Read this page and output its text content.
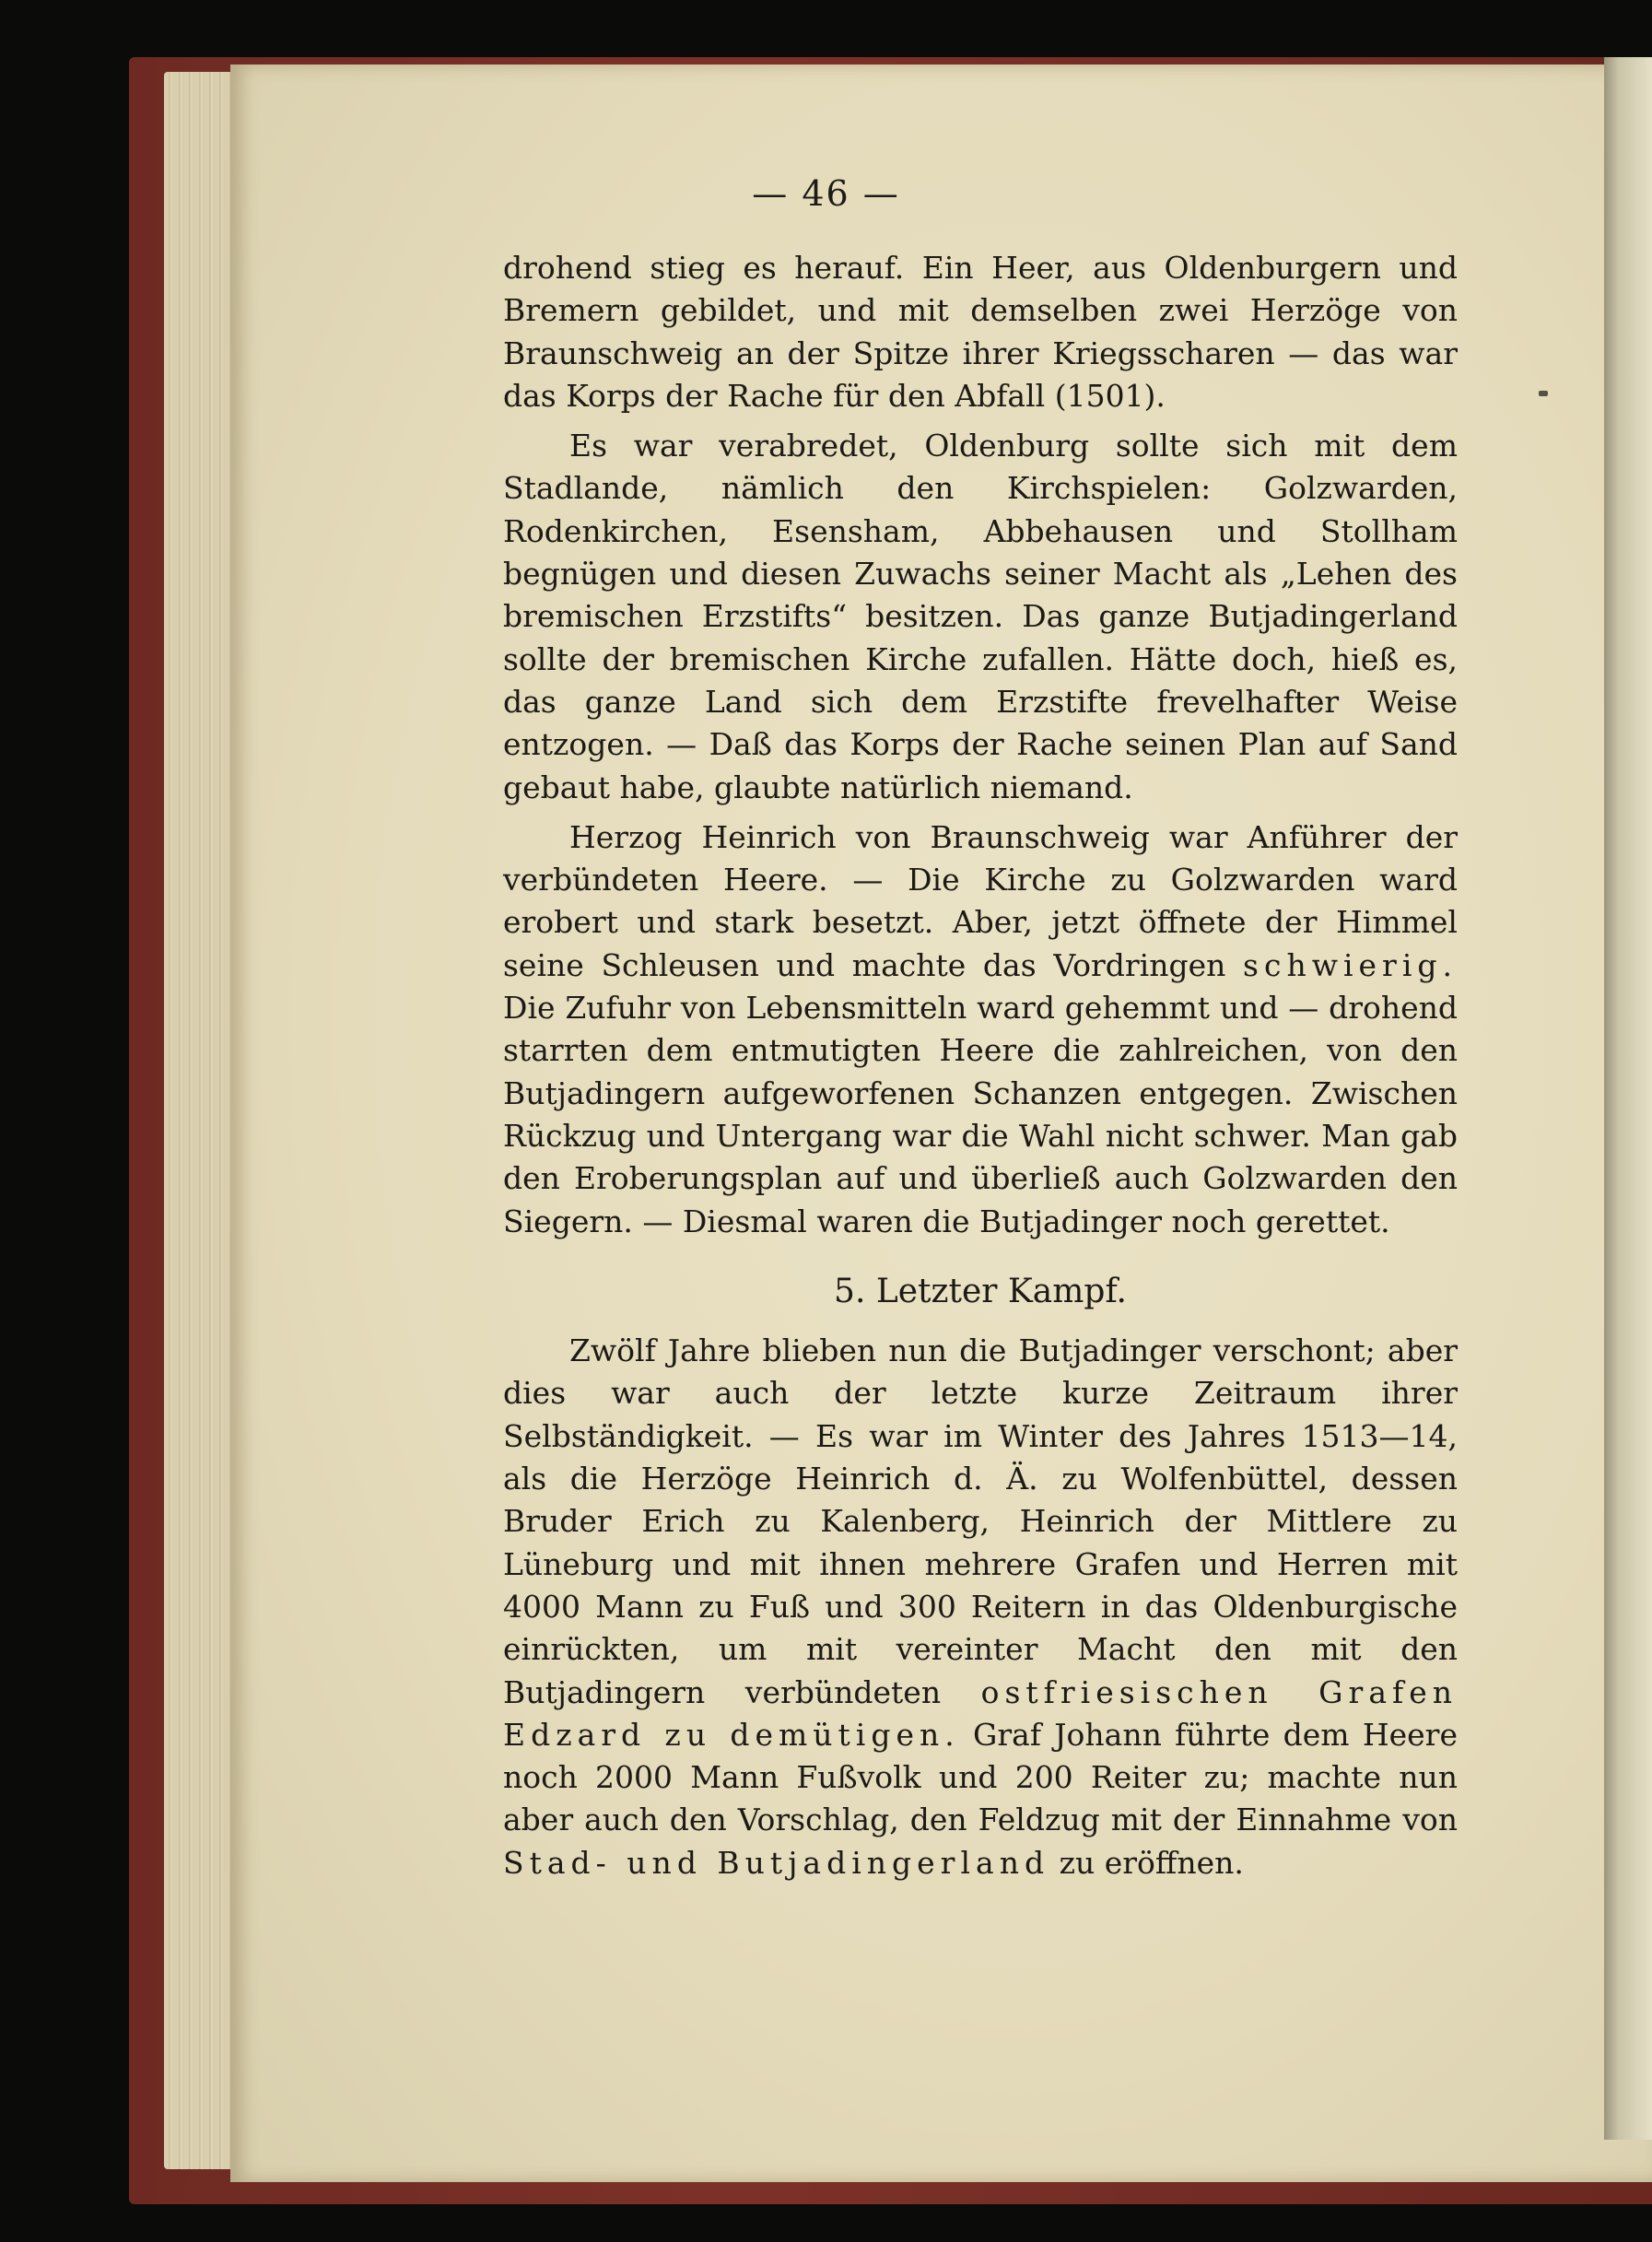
— 46 —

drohend stieg es herauf. Ein Heer, aus Oldenburgern und Bremern gebildet, und mit demselben zwei Herzöge von Braunschweig an der Spitze ihrer Kriegsscharen — das war das Korps der Rache für den Abfall (1501).

Es war verabredet, Oldenburg sollte sich mit dem Stadlande, nämlich den Kirchspielen: Golzwarden, Rodenkirchen, Esensham, Abbehausen und Stollham begnügen und diesen Zuwachs seiner Macht als „Lehen des bremischen Erzstifts“ besitzen. Das ganze Butjadingerland sollte der bremischen Kirche zufallen. Hätte doch, hieß es, das ganze Land sich dem Erzstifte frevelhafter Weise entzogen. — Daß das Korps der Rache seinen Plan auf Sand gebaut habe, glaubte natürlich niemand.

Herzog Heinrich von Braunschweig war Anführer der verbündeten Heere. — Die Kirche zu Golzwarden ward erobert und stark besetzt. Aber, jetzt öffnete der Himmel seine Schleusen und machte das Vordringen schwierig. Die Zufuhr von Lebensmitteln ward gehemmt und — drohend starrten dem entmutigten Heere die zahlreichen, von den Butjadingern aufgeworfenen Schanzen entgegen. Zwischen Rückzug und Untergang war die Wahl nicht schwer. Man gab den Eroberungsplan auf und überließ auch Golzwarden den Siegern. — Diesmal waren die Butjadinger noch gerettet.

5. Letzter Kampf.

Zwölf Jahre blieben nun die Butjadinger verschont; aber dies war auch der letzte kurze Zeitraum ihrer Selbständigkeit. — Es war im Winter des Jahres 1513—14, als die Herzöge Heinrich d. Ä. zu Wolfenbüttel, dessen Bruder Erich zu Kalenberg, Heinrich der Mittlere zu Lüneburg und mit ihnen mehrere Grafen und Herren mit 4000 Mann zu Fuß und 300 Reitern in das Oldenburgische einrückten, um mit vereinter Macht den mit den Butjadingern verbündeten ostfriesischen Grafen Edzard zu demütigen. Graf Johann führte dem Heere noch 2000 Mann Fußvolk und 200 Reiter zu; machte nun aber auch den Vorschlag, den Feldzug mit der Einnahme von Stad- und Butjadingerland zu eröffnen.
